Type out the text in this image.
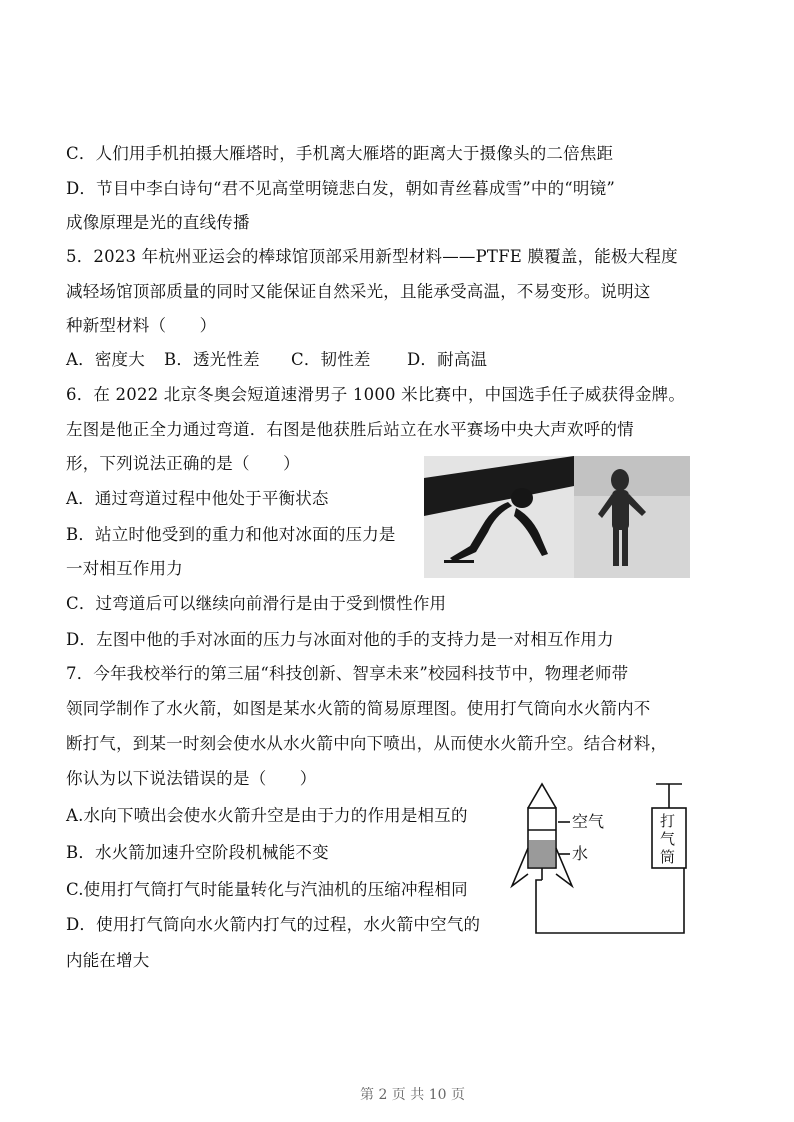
C．人们用手机拍摄大雁塔时，手机离大雁塔的距离大于摄像头的二倍焦距
D．节目中李白诗句“君不见高堂明镜悲白发，朝如青丝暮成雪”中的“明镜”
成像原理是光的直线传播
5．2023 年杭州亚运会的棒球馆顶部采用新型材料——PTFE 膜覆盖，能极大程度
减轻场馆顶部质量的同时又能保证自然采光，且能承受高温，不易变形。说明这
种新型材料（　　）
A．密度大 B．透光性差 C．韧性差 D．耐高温
6．在 2022 北京冬奥会短道速滑男子 1000 米比赛中，中国选手任子威获得金牌。
左图是他正全力通过弯道．右图是他获胜后站立在水平赛场中央大声欢呼的情
形，下列说法正确的是（　　）
A．通过弯道过程中他处于平衡状态
B．站立时他受到的重力和他对冰面的压力是
一对相互作用力
C．过弯道后可以继续向前滑行是由于受到惯性作用
D．左图中他的手对冰面的压力与冰面对他的手的支持力是一对相互作用力
7．今年我校举行的第三届“科技创新、智享未来”校园科技节中，物理老师带
领同学制作了水火箭，如图是某水火箭的简易原理图。使用打气筒向水火箭内不
断打气，到某一时刻会使水从水火箭中向下喷出，从而使水火箭升空。结合材料，
你认为以下说法错误的是（　　）
A.水向下喷出会使水火箭升空是由于力的作用是相互的
B．水火箭加速升空阶段机械能不变
C.使用打气筒打气时能量转化与汽油机的压缩冲程相同
D．使用打气筒向水火箭内打气的过程，水火箭中空气的
内能在增大
空气
水
打
气
筒
第 2 页 共 10 页
